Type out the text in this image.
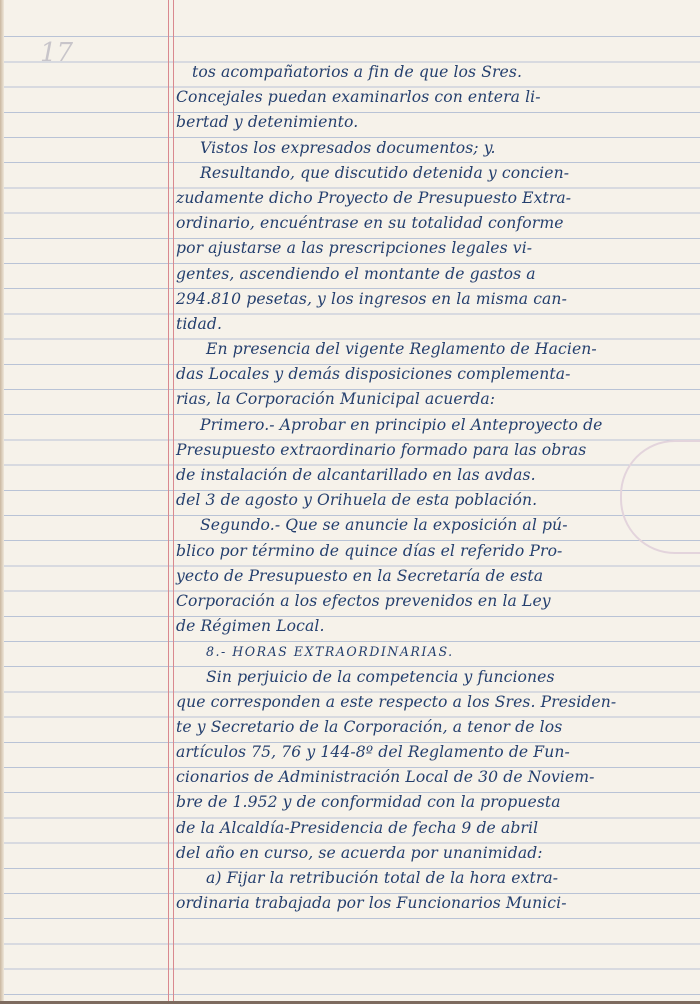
17
tos acompañatorios a fin de que los Sres.
Concejales puedan examinarlos con entera li-
bertad y detenimiento.
Vistos los expresados documentos; y.
Resultando, que discutido detenida y concien-
zudamente dicho Proyecto de Presupuesto Extra-
ordinario, encuéntrase en su totalidad conforme
por ajustarse a las prescripciones legales vi-
gentes, ascendiendo el montante de gastos a
294.810 pesetas, y los ingresos en la misma can-
tidad.
En presencia del vigente Reglamento de Hacien-
das Locales y demás disposiciones complementa-
rias, la Corporación Municipal acuerda:
Primero.- Aprobar en principio el Anteproyecto de
Presupuesto extraordinario formado para las obras
de instalación de alcantarillado en las avdas.
del 3 de agosto y Orihuela de esta población.
Segundo.- Que se anuncie la exposición al pú-
blico por término de quince días el referido Pro-
yecto de Presupuesto en la Secretaría de esta
Corporación a los efectos prevenidos en la Ley
de Régimen Local.
8.- HORAS EXTRAORDINARIAS.
Sin perjuicio de la competencia y funciones
que corresponden a este respecto a los Sres. Presiden-
te y Secretario de la Corporación, a tenor de los
artículos 75, 76 y 144-8º del Reglamento de Fun-
cionarios de Administración Local de 30 de Noviem-
bre de 1.952 y de conformidad con la propuesta
de la Alcaldía-Presidencia de fecha 9 de abril
del año en curso, se acuerda por unanimidad:
a) Fijar la retribución total de la hora extra-
ordinaria trabajada por los Funcionarios Munici-
